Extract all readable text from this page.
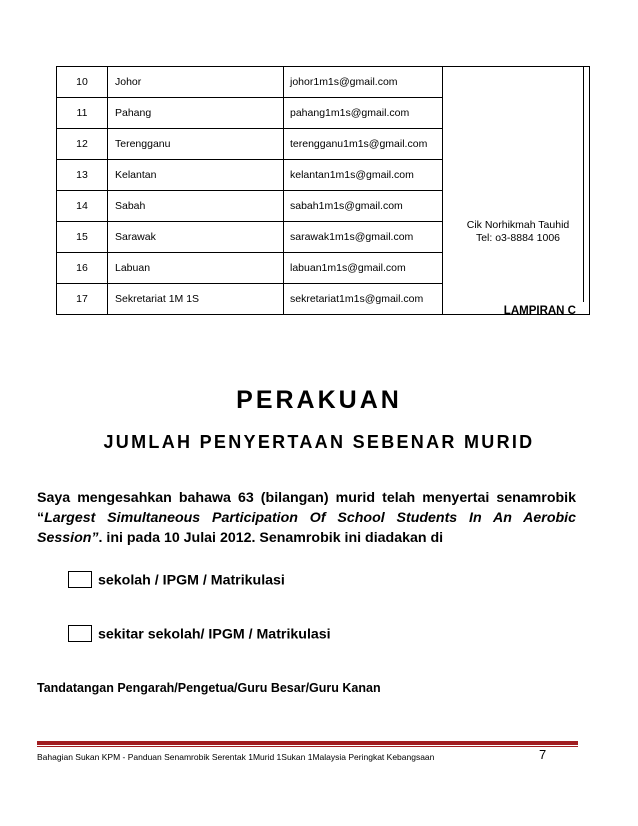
10	Johor	johor1m1s@gmail.com	
11	Pahang	pahang1m1s@gmail.com	
12	Terengganu	terengganu1m1s@gmail.com	
13	Kelantan	kelantan1m1s@gmail.com	
14	Sabah	sabah1m1s@gmail.com	
15	Sarawak	sarawak1m1s@gmail.com	
16	Labuan	labuan1m1s@gmail.com	
17	Sekretariat 1M 1S	sekretariat1m1s@gmail.com	
Cik Norhikmah Tauhid
Tel: o3-8884 1006
LAMPIRAN C
PERAKUAN
JUMLAH PENYERTAAN SEBENAR MURID
Saya mengesahkan bahawa 63 (bilangan) murid telah menyertai senamrobik “Largest Simultaneous Participation Of School Students In An Aerobic Session”. ini pada 10 Julai 2012. Senamrobik ini diadakan di
sekolah / IPGM / Matrikulasi
sekitar sekolah/ IPGM / Matrikulasi
Tandatangan Pengarah/Pengetua/Guru Besar/Guru Kanan
Bahagian Sukan KPM - Panduan Senamrobik Serentak 1Murid 1Sukan 1Malaysia Peringkat Kebangsaan	7
